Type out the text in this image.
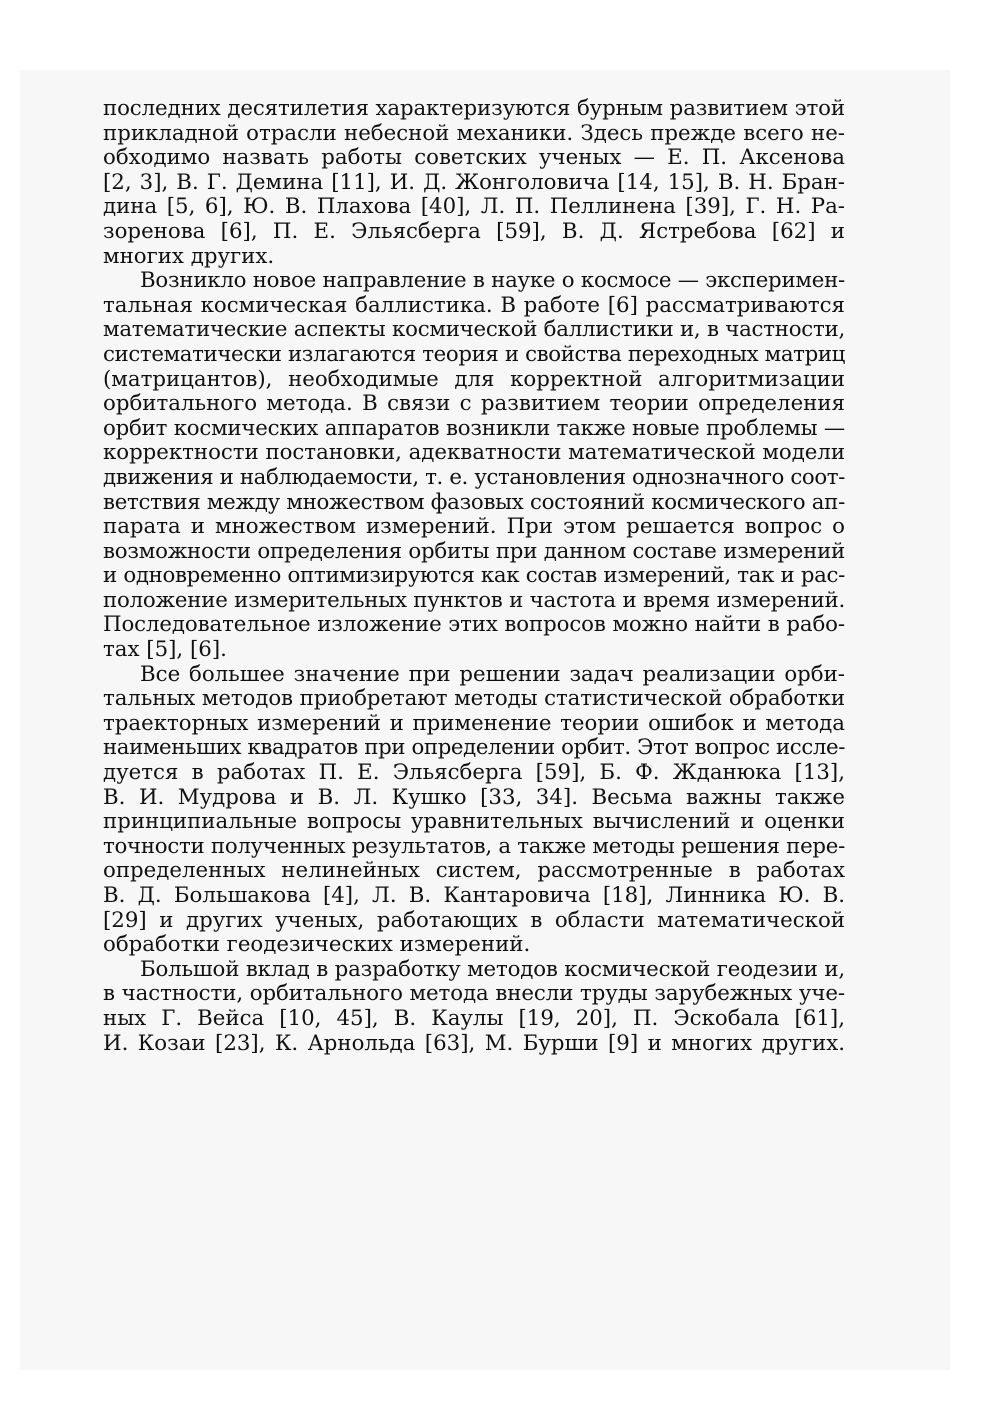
последних десятилетия характеризуются бурным развитием этой
прикладной отрасли небесной механики. Здесь прежде всего не-
обходимо назвать работы советских ученых — Е. П. Аксенова
[2, 3], В. Г. Демина [11], И. Д. Жонголовича [14, 15], В. Н. Бран-
дина [5, 6], Ю. В. Плахова [40], Л. П. Пеллинена [39], Г. Н. Ра-
зоренова [6], П. Е. Эльясберга [59], В. Д. Ястребова [62] и
многих других.
Возникло новое направление в науке о космосе — эксперимен-
тальная космическая баллистика. В работе [6] рассматриваются
математические аспекты космической баллистики и, в частности,
систематически излагаются теория и свойства переходных матриц
(матрицантов), необходимые для корректной алгоритмизации
орбитального метода. В связи с развитием теории определения
орбит космических аппаратов возникли также новые проблемы —
корректности постановки, адекватности математической модели
движения и наблюдаемости, т. е. установления однозначного соот-
ветствия между множеством фазовых состояний космического ап-
парата и множеством измерений. При этом решается вопрос о
возможности определения орбиты при данном составе измерений
и одновременно оптимизируются как состав измерений, так и рас-
положение измерительных пунктов и частота и время измерений.
Последовательное изложение этих вопросов можно найти в рабо-
тах [5], [6].
Все большее значение при решении задач реализации орби-
тальных методов приобретают методы статистической обработки
траекторных измерений и применение теории ошибок и метода
наименьших квадратов при определении орбит. Этот вопрос иссле-
дуется в работах П. Е. Эльясберга [59], Б. Ф. Жданюка [13],
В. И. Мудрова и В. Л. Кушко [33, 34]. Весьма важны также
принципиальные вопросы уравнительных вычислений и оценки
точности полученных результатов, а также методы решения пере-
определенных нелинейных систем, рассмотренные в работах
В. Д. Большакова [4], Л. В. Кантаровича [18], Линника Ю. В.
[29] и других ученых, работающих в области математической
обработки геодезических измерений.
Большой вклад в разработку методов космической геодезии и,
в частности, орбитального метода внесли труды зарубежных уче-
ных Г. Вейса [10, 45], В. Каулы [19, 20], П. Эскобала [61],
И. Козаи [23], К. Арнольда [63], М. Бурши [9] и многих других.
